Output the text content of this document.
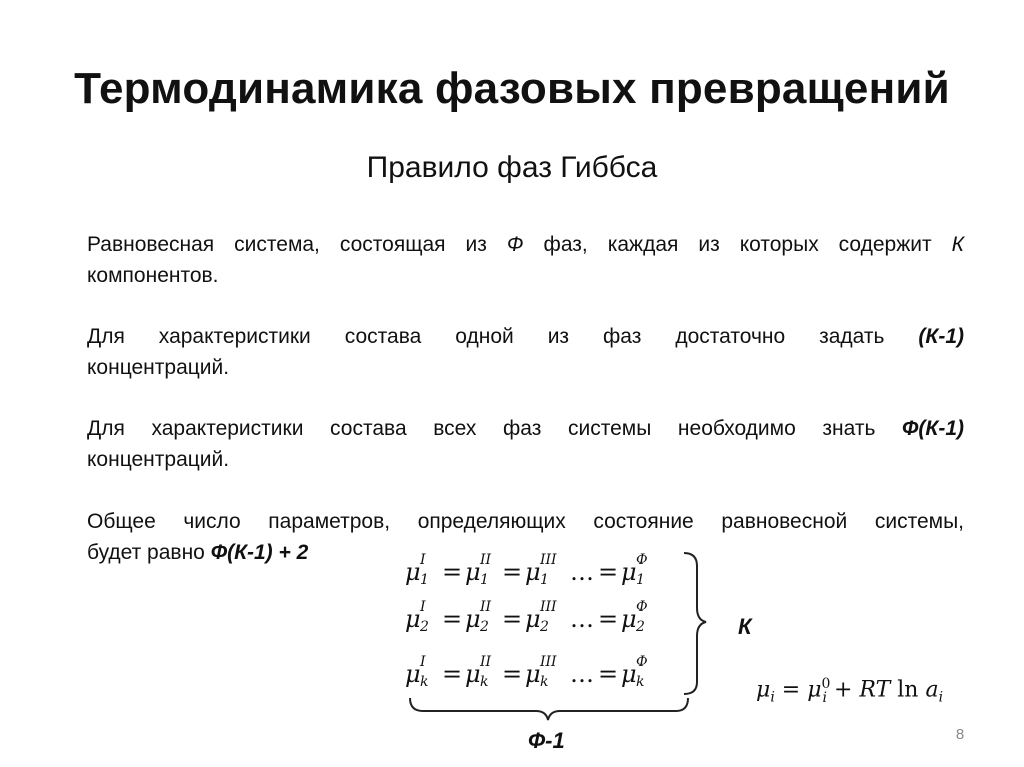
Термодинамика фазовых превращений
Правило фаз Гиббса
Равновесная система, состоящая из Ф фаз, каждая из которых содержит К
компонентов.
Для характеристики состава одной из фаз достаточно задать (К-1)
концентраций.
Для характеристики состава всех фаз системы необходимо знать Ф(К-1)
концентраций.
Общее число параметров, определяющих состояние равновесной системы,
будет равно Ф(К-1) + 2
μ I
1 = μ II
1 = μ III
1 … = μ Ф
1
μ I
2 = μ II
2 = μ III
2 … = μ Ф
2
μ I
k = μ II
k = μ III
k … = μ Ф
k
К
Ф-1
$\mu_i = \mu^0_i$ + RT $\ln a_i$
8
